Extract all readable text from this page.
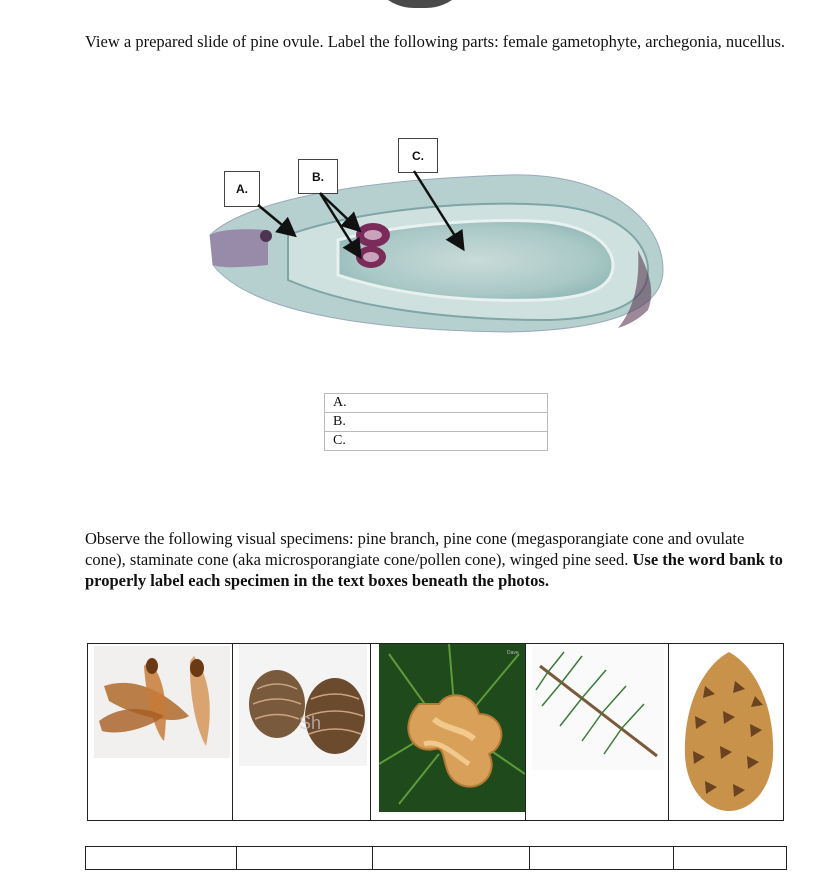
View a prepared slide of pine ovule. Label the following parts: female gametophyte, archegonia, nucellus.

A.
B.
C.
A.
B.
C.

Observe the following visual specimens: pine branch, pine cone (megasporangiate cone and ovulate cone), staminate cone (aka microsporangiate cone/pollen cone), winged pine seed. Use the word bank to properly label each specimen in the text boxes beneath the photos.

Sh

Dave
